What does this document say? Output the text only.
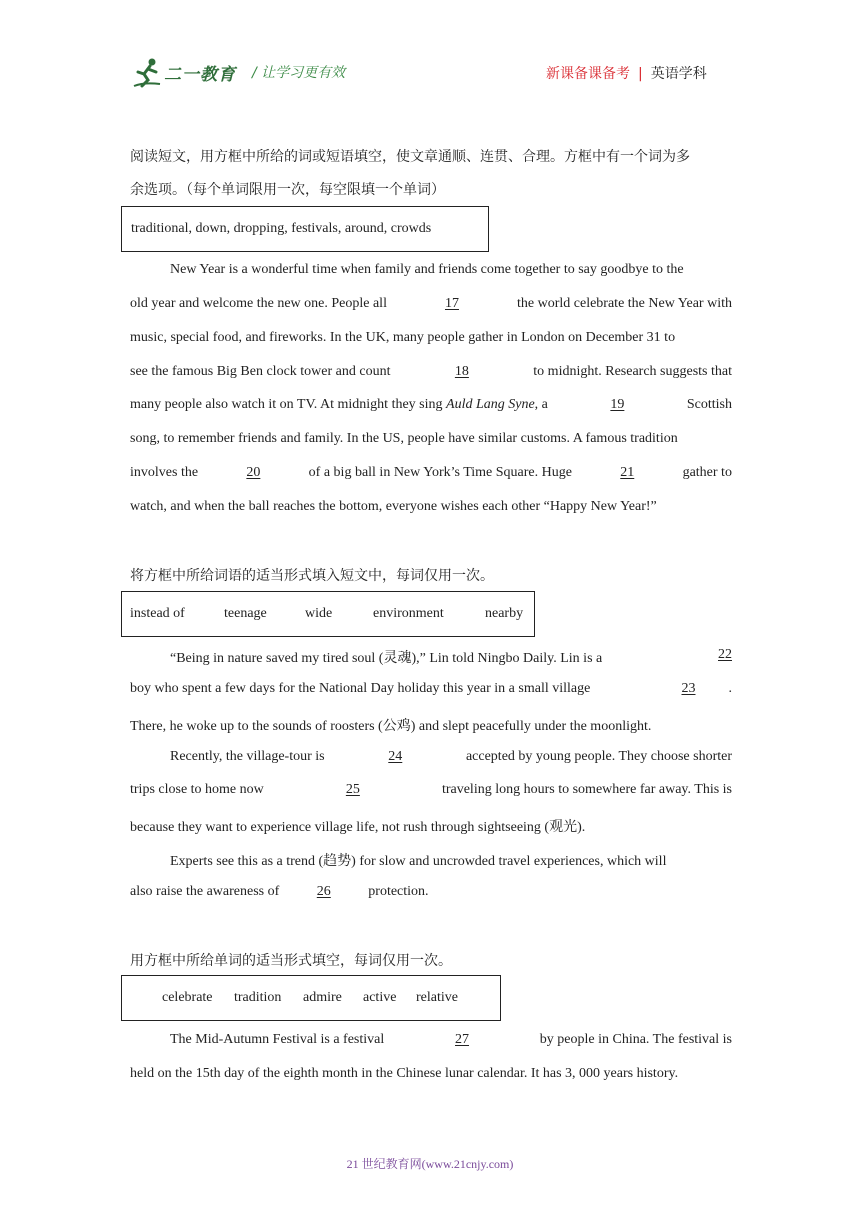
二一教育 / 让学习更有效	新课备课备考 | 英语学科
阅读短文，用方框中所给的词或短语填空，使文章通顺、连贯、合理。方框中有一个词为多
余选项。（每个单词限用一次，每空限填一个单词）
traditional, down, dropping, festivals, around, crowds
New Year is a wonderful time when family and friends come together to say goodbye to the
old year and welcome the new one. People all	17	the world celebrate the New Year with
music, special food, and fireworks. In the UK, many people gather in London on December 31 to
see the famous Big Ben clock tower and count	18	to midnight. Research suggests that
many people also watch it on TV. At midnight they sing Auld Lang Syne, a	19	Scottish
song, to remember friends and family. In the US, people have similar customs. A famous tradition
involves the	20	of a big ball in New York’s Time Square. Huge	21	gather to
watch, and when the ball reaches the bottom, everyone wishes each other “Happy New Year!”
将方框中所给词语的适当形式填入短文中，每词仅用一次。
instead of	teenage	wide	environment	nearby
“Being in nature saved my tired soul (灵魂),” Lin told Ningbo Daily. Lin is a	22
boy who spent a few days for the National Day holiday this year in a small village	23 .
There, he woke up to the sounds of roosters (公鸡) and slept peacefully under the moonlight.
Recently, the village-tour is	24	accepted by young people. They choose shorter
trips close to home now	25	traveling long hours to somewhere far away. This is
because they want to experience village life, not rush through sightseeing (观光).
Experts see this as a trend (趋势) for slow and uncrowded travel experiences, which will
also raise the awareness of	26	protection.
用方框中所给单词的适当形式填空，每词仅用一次。
celebrate tradition admire active relative
The Mid-Autumn Festival is a festival	27	by people in China. The festival is
held on the 15th day of the eighth month in the Chinese lunar calendar. It has 3, 000 years history.
21 世纪教育网(www.21cnjy.com)
